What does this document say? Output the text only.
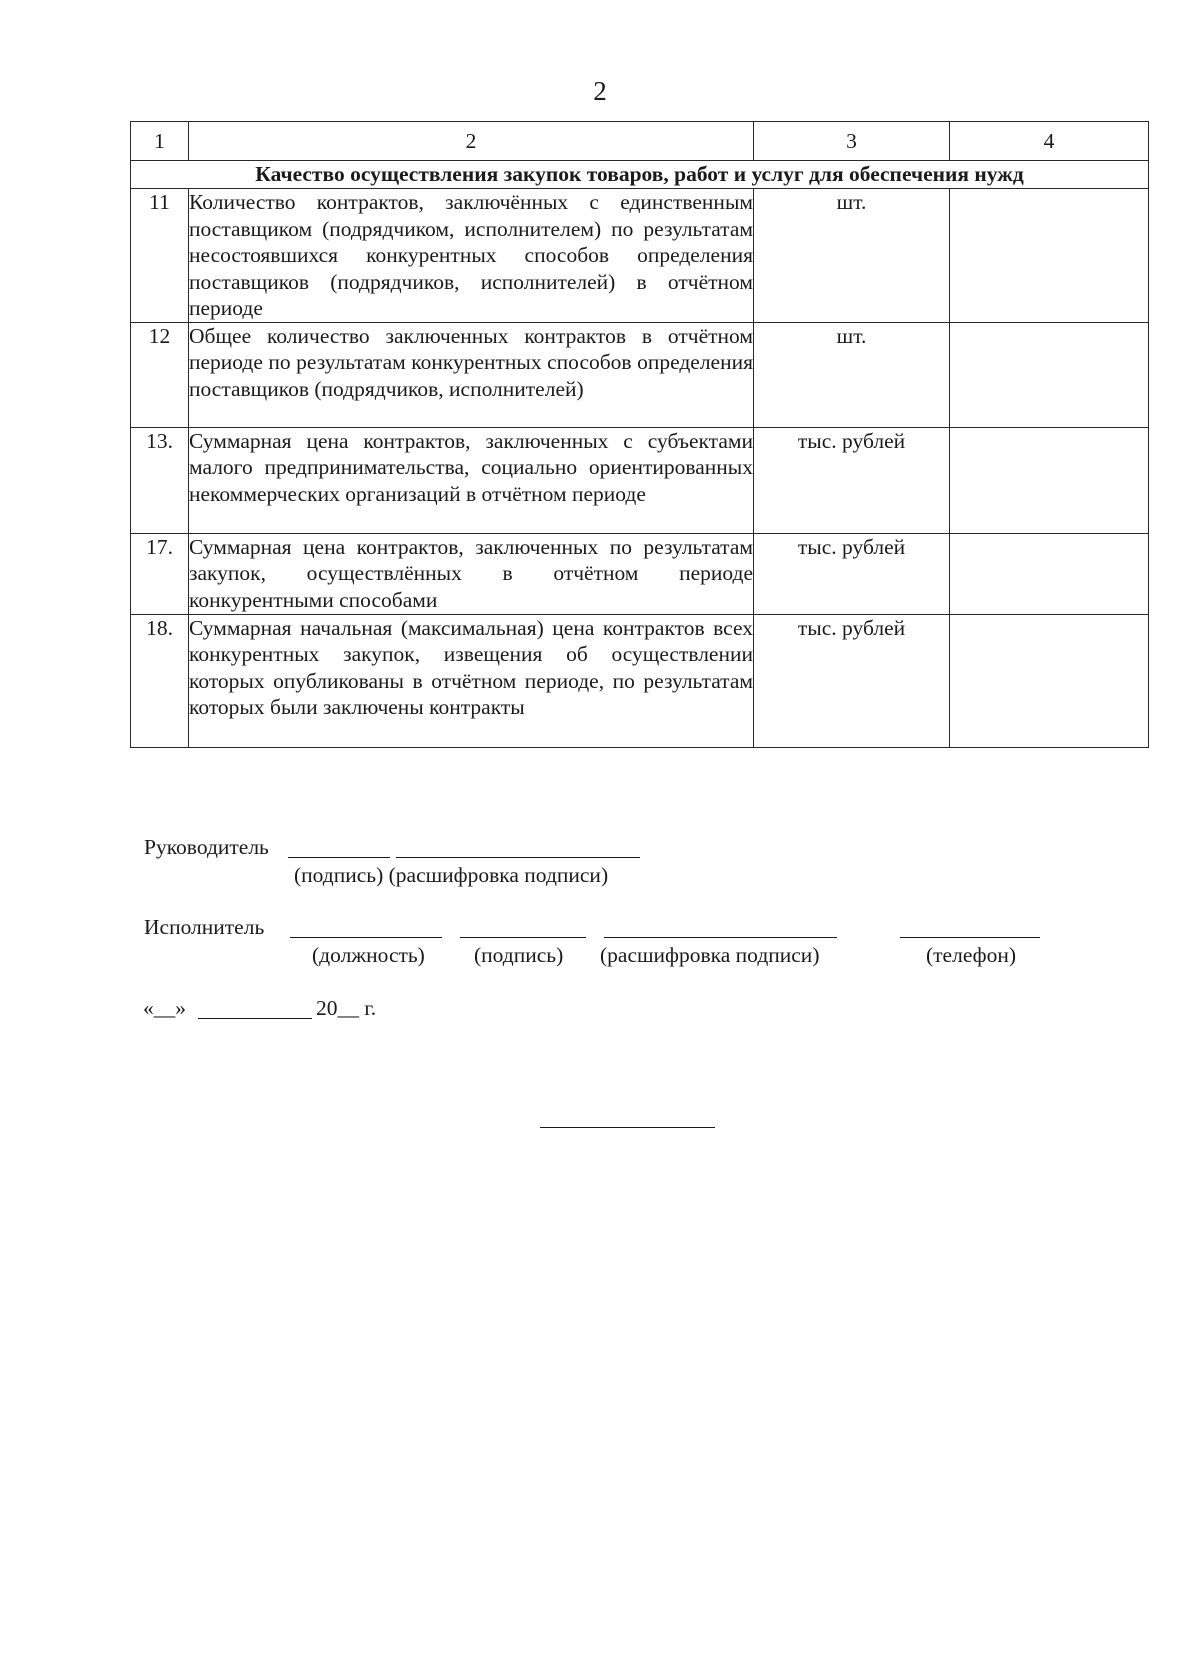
2
1	2	3	4
Качество осуществления закупок товаров, работ и услуг для обеспечения нужд			
11	Количество контрактов, заключённых с единственным поставщиком (подрядчиком, исполнителем) по результатам несостоявшихся конкурентных способов определения поставщиков (подрядчиков, исполнителей) в отчётном периоде	шт.	
12	Общее количество заключенных контрактов в отчётном периоде по результатам конкурентных способов определения поставщиков (подрядчиков, исполнителей)	шт.	
13.	Суммарная цена контрактов, заключенных с субъектами малого предпринимательства, социально ориентированных некоммерческих организаций в отчётном периоде	тыс. рублей	
17.	Суммарная цена контрактов, заключенных по результатам закупок, осуществлённых в отчётном периоде конкурентными способами	тыс. рублей	
18.	Суммарная начальная (максимальная) цена контрактов всех конкурентных закупок, извещения об осуществлении которых опубликованы в отчётном периоде, по результатам которых были заключены контракты	тыс. рублей	
Руководитель
(подпись) (расшифровка подписи)
Исполнитель
(должность) (подпись) (расшифровка подписи)	(телефон)
«__»	20__ г.
